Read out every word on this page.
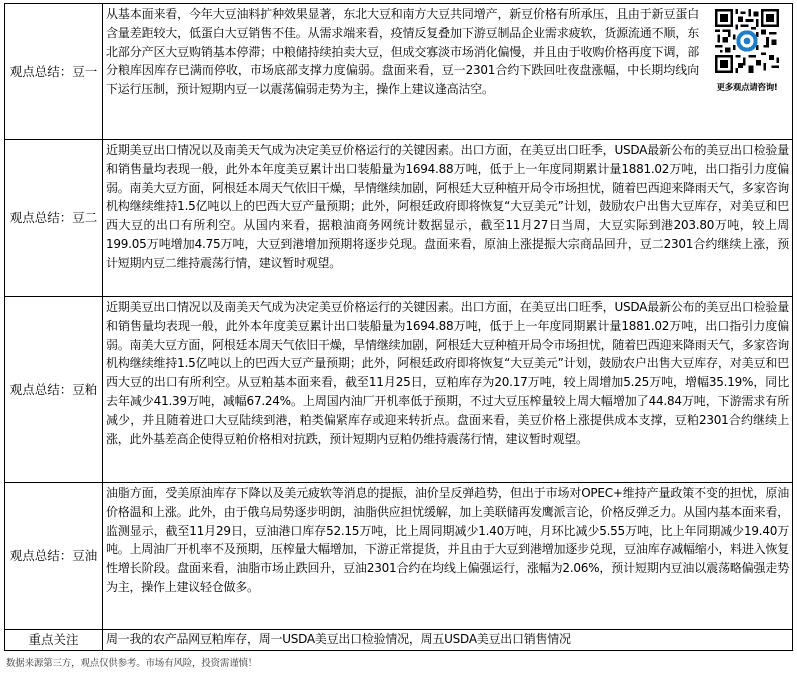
观点总结：豆一
从基本面来看，今年大豆油料扩种效果显著，东北大豆和南方大豆共同增产，新豆价格有所承压，且由于新豆蛋白含量差距较大，低蛋白大豆销售不佳。从需求端来看，疫情反复叠加下游豆制品企业需求疲软，货源流通不顺，东北部分产区大豆购销基本停滞；中粮储持续拍卖大豆，但成交寡淡市场消化偏慢，并且由于收购价格再度下调，部分粮库因库存已满而停收，市场底部支撑力度偏弱。盘面来看，豆一2301合约下跌回吐夜盘涨幅，中长期均线向下运行压制，预计短期内豆一以震荡偏弱走势为主，操作上建议逢高沽空。	更多观点请咨询!
观点总结：豆二
近期美豆出口情况以及南美天气成为决定美豆价格运行的关键因素。出口方面，在美豆出口旺季，USDA最新公布的美豆出口检验量和销售量均表现一般，此外本年度美豆累计出口装船量为1694.88万吨，低于上一年度同期累计量1881.02万吨，出口指引力度偏弱。南美大豆方面，阿根廷本周天气依旧干燥，旱情继续加剧，阿根廷大豆种植开局令市场担忧，随着巴西迎来降雨天气，多家咨询机构继续维持1.5亿吨以上的巴西大豆产量预期；此外，阿根廷政府即将恢复“大豆美元”计划，鼓励农户出售大豆库存，对美豆和巴西大豆的出口有所利空。从国内来看，据粮油商务网统计数据显示，截至11月27日当周，大豆实际到港203.80万吨，较上周199.05万吨增加4.75万吨，大豆到港增加预期将逐步兑现。盘面来看，原油上涨提振大宗商品回升，豆二2301合约继续上涨，预计短期内豆二维持震荡行情，建议暂时观望。
观点总结：豆粕
近期美豆出口情况以及南美天气成为决定美豆价格运行的关键因素。出口方面，在美豆出口旺季，USDA最新公布的美豆出口检验量和销售量均表现一般，此外本年度美豆累计出口装船量为1694.88万吨，低于上一年度同期累计量1881.02万吨，出口指引力度偏弱。南美大豆方面，阿根廷本周天气依旧干燥，旱情继续加剧，阿根廷大豆种植开局令市场担忧，随着巴西迎来降雨天气，多家咨询机构继续维持1.5亿吨以上的巴西大豆产量预期；此外，阿根廷政府即将恢复“大豆美元”计划，鼓励农户出售大豆库存，对美豆和巴西大豆的出口有所利空。从豆粕基本面来看，截至11月25日，豆粕库存为20.17万吨，较上周增加5.25万吨，增幅35.19%，同比去年减少41.39万吨，减幅67.24%。上周国内油厂开机率低于预期，不过大豆压榨量较上周大幅增加了44.84万吨，下游需求有所减少，并且随着进口大豆陆续到港，粕类偏紧库存或迎来转折点。盘面来看，美豆价格上涨提供成本支撑，豆粕2301合约继续上涨，此外基差高企使得豆粕价格相对抗跌，预计短期内豆粕仍维持震荡行情，建议暂时观望。
观点总结：豆油
油脂方面，受美原油库存下降以及美元疲软等消息的提振，油价呈反弹趋势，但出于市场对OPEC+维持产量政策不变的担忧，原油价格温和上涨。此外，由于俄乌局势逐步明朗，油脂供应担忧缓解，加上美联储再发鹰派言论，价格反弹乏力。从国内基本面来看，监测显示，截至11月29日，豆油港口库存52.15万吨，比上周同期减少1.40万吨，月环比减少5.55万吨，比上年同期减少19.40万吨。上周油厂开机率不及预期，压榨量大幅增加，下游正常提货，并且由于大豆到港增加逐步兑现，豆油库存减幅缩小，料进入恢复性增长阶段。盘面来看，油脂市场止跌回升，豆油2301合约在均线上偏强运行，涨幅为2.06%，预计短期内豆油以震荡略偏强走势为主，操作上建议轻仓做多。
重点关注	周一我的农产品网豆粕库存，周一USDA美豆出口检验情况，周五USDA美豆出口销售情况
数据来源第三方，观点仅供参考。市场有风险，投资需谨慎！
